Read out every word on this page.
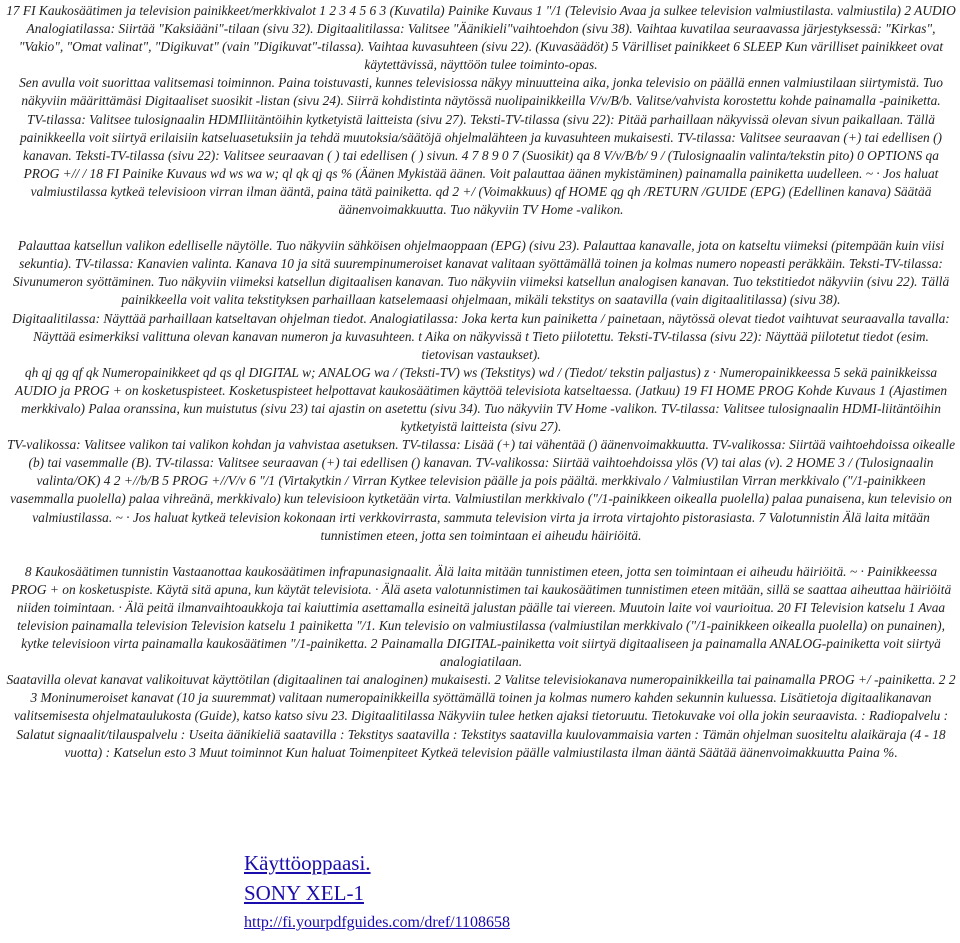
17 FI Kaukosäätimen ja television painikkeet/merkkivalot 1 2 3 4 5 6 3 (Kuvatila) Painike Kuvaus 1 "/1 (Televisio Avaa ja sulkee television valmiustilasta. valmiustila) 2 AUDIO Analogiatilassa: Siirtää "Kaksiääni"-tilaan (sivu 32). Digitaalitilassa: Valitsee "Äänikieli"vaihtoehdon (sivu 38). Vaihtaa kuvatilaa seuraavassa järjestyksessä: "Kirkas", "Vakio", "Omat valinat", "Digikuvat" (vain "Digikuvat"-tilassa). Vaihtaa kuvasuhteen (sivu 22). (Kuvasäädöt) 5 Värilliset painikkeet 6 SLEEP Kun värilliset painikkeet ovat käytettävissä, näyttöön tulee toiminto-opas.

Sen avulla voit suorittaa valitsemasi toiminnon. Paina toistuvasti, kunnes televisiossa näkyy minuutteina aika, jonka televisio on päällä ennen valmiustilaan siirtymistä. Tuo näkyviin määrittämäsi Digitaaliset suosikit -listan (sivu 24). Siirrä kohdistinta näytössä nuolipainikkeilla V/v/B/b. Valitse/vahvista korostettu kohde painamalla -painiketta.

TV-tilassa: Valitsee tulosignaalin HDMIliitäntöihin kytketyistä laitteista (sivu 27). Teksti-TV-tilassa (sivu 22): Pitää parhaillaan näkyvissä olevan sivun paikallaan. Tällä painikkeella voit siirtyä erilaisiin katseluasetuksiin ja tehdä muutoksia/säätöjä ohjelmalähteen ja kuvasuhteen mukaisesti. TV-tilassa: Valitsee seuraavan (+) tai edellisen () kanavan. Teksti-TV-tilassa (sivu 22): Valitsee seuraavan ( ) tai edellisen ( ) sivun. 4 7 8 9 0 7 (Suosikit) qa 8 V/v/B/b/ 9 / (Tulosignaalin valinta/tekstin pito) 0 OPTIONS qa PROG +// / 18 FI Painike Kuvaus wd ws wa w; ql qk qj qs % (Äänen Mykistää äänen. Voit palauttaa äänen mykistäminen) painamalla painiketta uudelleen. ~ · Jos haluat valmiustilassa kytkeä televisioon virran ilman ääntä, paina tätä painiketta. qd 2 +/ (Voimakkuus) qf HOME qg qh /RETURN /GUIDE (EPG) (Edellinen kanava) Säätää äänenvoimakkuutta. Tuo näkyviin TV Home -valikon.

Palauttaa katsellun valikon edelliselle näytölle. Tuo näkyviin sähköisen ohjelmaoppaan (EPG) (sivu 23). Palauttaa kanavalle, jota on katseltu viimeksi (pitempään kuin viisi sekuntia). TV-tilassa: Kanavien valinta. Kanava 10 ja sitä suurempinumeroiset kanavat valitaan syöttämällä toinen ja kolmas numero nopeasti peräkkäin. Teksti-TV-tilassa: Sivunumeron syöttäminen. Tuo näkyviin viimeksi katsellun digitaalisen kanavan. Tuo näkyviin viimeksi katsellun analogisen kanavan. Tuo tekstitiedot näkyviin (sivu 22). Tällä painikkeella voit valita tekstityksen parhaillaan katselemaasi ohjelmaan, mikäli tekstitys on saatavilla (vain digitaalitilassa) (sivu 38).

Digitaalitilassa: Näyttää parhaillaan katseltavan ohjelman tiedot. Analogiatilassa: Joka kerta kun painiketta / painetaan, näytössä olevat tiedot vaihtuvat seuraavalla tavalla: Näyttää esimerkiksi valittuna olevan kanavan numeron ja kuvasuhteen. t Aika on näkyvissä t Tieto piilotettu. Teksti-TV-tilassa (sivu 22): Näyttää piilotetut tiedot (esim. tietovisan vastaukset).

qh qj qg qf qk Numeropainikkeet qd qs ql DIGITAL w; ANALOG wa / (Teksti-TV) ws (Tekstitys) wd / (Tiedot/ tekstin paljastus) z · Numeropainikkeessa 5 sekä painikkeissa AUDIO ja PROG + on kosketuspisteet. Kosketuspisteet helpottavat kaukosäätimen käyttöä televisiota katseltaessa. (Jatkuu) 19 FI HOME PROG Kohde Kuvaus 1 (Ajastimen merkkivalo) Palaa oranssina, kun muistutus (sivu 23) tai ajastin on asetettu (sivu 34). Tuo näkyviin TV Home -valikon. TV-tilassa: Valitsee tulosignaalin HDMI-liitäntöihin kytketyistä laitteista (sivu 27).

TV-valikossa: Valitsee valikon tai valikon kohdan ja vahvistaa asetuksen. TV-tilassa: Lisää (+) tai vähentää () äänenvoimakkuutta. TV-valikossa: Siirtää vaihtoehdoissa oikealle (b) tai vasemmalle (B). TV-tilassa: Valitsee seuraavan (+) tai edellisen () kanavan. TV-valikossa: Siirtää vaihtoehdoissa ylös (V) tai alas (v). 2 HOME 3 / (Tulosignaalin valinta/OK) 4 2 +//b/B 5 PROG +//V/v 6 "/1 (Virtakytkin / Virran Kytkee television päälle ja pois päältä. merkkivalo / Valmiustilan Virran merkkivalo ("/1-painikkeen vasemmalla puolella) palaa vihreänä, merkkivalo) kun televisioon kytketään virta. Valmiustilan merkkivalo ("/1-painikkeen oikealla puolella) palaa punaisena, kun televisio on valmiustilassa. ~ · Jos haluat kytkeä television kokonaan irti verkkovirrasta, sammuta television virta ja irrota virtajohto pistorasiasta. 7 Valotunnistin Älä laita mitään tunnistimen eteen, jotta sen toimintaan ei aiheudu häiriöitä.

8 Kaukosäätimen tunnistin Vastaanottaa kaukosäätimen infrapunasignaalit. Älä laita mitään tunnistimen eteen, jotta sen toimintaan ei aiheudu häiriöitä. ~ · Painikkeessa PROG + on kosketuspiste. Käytä sitä apuna, kun käytät televisiota. · Älä aseta valotunnistimen tai kaukosäätimen tunnistimen eteen mitään, sillä se saattaa aiheuttaa häiriöitä niiden toimintaan. · Älä peitä ilmanvaihtoaukkoja tai kaiuttimia asettamalla esineitä jalustan päälle tai viereen. Muutoin laite voi vaurioitua. 20 FI Television katselu 1 Avaa television painamalla television Television katselu 1 painiketta "/1. Kun televisio on valmiustilassa (valmiustilan merkkivalo ("/1-painikkeen oikealla puolella) on punainen), kytke televisioon virta painamalla kaukosäätimen "/1-painiketta. 2 Painamalla DIGITAL-painiketta voit siirtyä digitaaliseen ja painamalla ANALOG-painiketta voit siirtyä analogiatilaan.

Saatavilla olevat kanavat valikoituvat käyttötilan (digitaalinen tai analoginen) mukaisesti. 2 Valitse televisiokanava numeropainikkeilla tai painamalla PROG +/ -painiketta. 2 2 3 Moninumeroiset kanavat (10 ja suuremmat) valitaan numeropainikkeilla syöttämällä toinen ja kolmas numero kahden sekunnin kuluessa. Lisätietoja digitaalikanavan valitsemisesta ohjelmataulukosta (Guide), katso katso sivu 23. Digitaalitilassa Näkyviin tulee hetken ajaksi tietoruutu. Tietokuvake voi olla jokin seuraavista. : Radiopalvelu : Salatut signaalit/tilauspalvelu : Useita äänikieliä saatavilla : Tekstitys saatavilla : Tekstitys saatavilla kuulovammaisia varten : Tämän ohjelman suositeltu alaikäraja (4 - 18 vuotta) : Katselun esto 3 Muut toiminnot Kun haluat Toimenpiteet Kytkeä television päälle valmiustilasta ilman ääntä Säätää äänenvoimakkuutta Paina %.

Käyttöoppaasi.
SONY XEL-1
http://fi.yourpdfguides.com/dref/1108658
